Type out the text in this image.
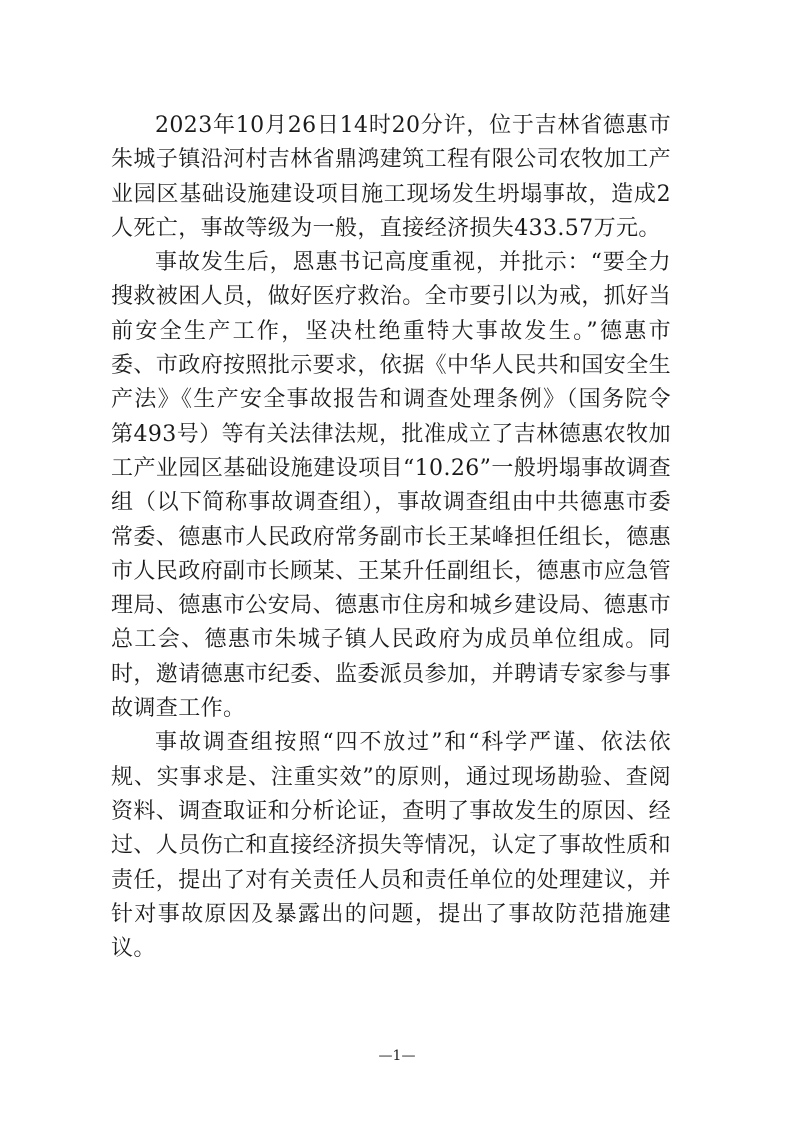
2023年10月26日14时20分许，位于吉林省德惠市朱城子镇沿河村吉林省鼎鸿建筑工程有限公司农牧加工产业园区基础设施建设项目施工现场发生坍塌事故，造成2人死亡，事故等级为一般，直接经济损失433.57万元。

事故发生后，恩惠书记高度重视，并批示：“要全力搜救被困人员，做好医疗救治。全市要引以为戒，抓好当前安全生产工作，坚决杜绝重特大事故发生。”德惠市委、市政府按照批示要求，依据《中华人民共和国安全生产法》《生产安全事故报告和调查处理条例》（国务院令第493号）等有关法律法规，批准成立了吉林德惠农牧加工产业园区基础设施建设项目“10.26”一般坍塌事故调查组（以下简称事故调查组），事故调查组由中共德惠市委常委、德惠市人民政府常务副市长王某峰担任组长，德惠市人民政府副市长顾某、王某升任副组长，德惠市应急管理局、德惠市公安局、德惠市住房和城乡建设局、德惠市总工会、德惠市朱城子镇人民政府为成员单位组成。同时，邀请德惠市纪委、监委派员参加，并聘请专家参与事故调查工作。

事故调查组按照“四不放过”和“科学严谨、依法依规、实事求是、注重实效”的原则，通过现场勘验、查阅资料、调查取证和分析论证，查明了事故发生的原因、经过、人员伤亡和直接经济损失等情况，认定了事故性质和责任，提出了对有关责任人员和责任单位的处理建议，并针对事故原因及暴露出的问题，提出了事故防范措施建议。

—1—
